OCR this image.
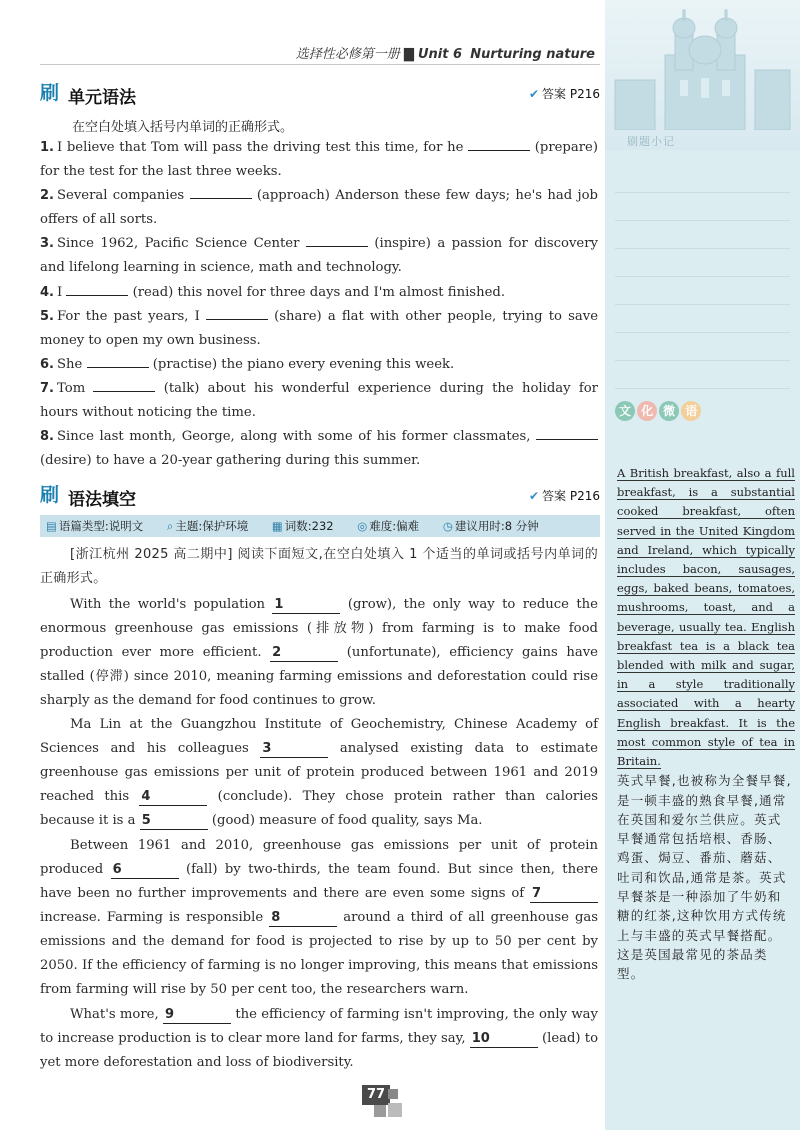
刷题小记
文 化 微 语
A British breakfast, also a full breakfast, is a substantial cooked breakfast, often served in the United Kingdom and Ireland, which typically includes bacon, sausages, eggs, baked beans, tomatoes, mushrooms, toast, and a beverage, usually tea. English breakfast tea is a black tea blended with milk and sugar, in a style traditionally associated with a hearty English breakfast. It is the most common style of tea in Britain.
英式早餐,也被称为全餐早餐,是一顿丰盛的熟食早餐,通常在英国和爱尔兰供应。英式早餐通常包括培根、香肠、鸡蛋、焗豆、番茄、蘑菇、吐司和饮品,通常是茶。英式早餐茶是一种添加了牛奶和糖的红茶,这种饮用方式传统上与丰盛的英式早餐搭配。这是英国最常见的茶品类型。
选择性必修第一册 ▇ Unit 6 Nurturing nature
刷 单元语法	✔ 答案 P216
在空白处填入括号内单词的正确形式。
1. I believe that Tom will pass the driving test this time, for he	(prepare) for the test for the last three weeks.
2. Several companies	(approach) Anderson these few days; he's had job offers of all sorts.
3. Since 1962, Pacific Science Center	(inspire) a passion for discovery and lifelong learning in science, math and technology.
4. I	(read) this novel for three days and I'm almost finished.
5. For the past years, I	(share) a flat with other people, trying to save money to open my own business.
6. She	(practise) the piano every evening this week.
7. Tom	(talk) about his wonderful experience during the holiday for hours without noticing the time.
8. Since last month, George, along with some of his former classmates,  (desire) to have a 20-year gathering during this summer.
刷 语法填空	✔ 答案 P216
▤ 语篇类型:说明文 ⌕ 主题:保护环境 ▦ 词数:232 ◎ 难度:偏难 ◷ 建议用时:8 分钟
[浙江杭州 2025 高二期中] 阅读下面短文,在空白处填入 1 个适当的单词或括号内单词的正确形式。
With the world's population 1	(grow), the only way to reduce the enormous greenhouse gas emissions (排放物) from farming is to make food production ever more efficient. 2	(unfortunate), efficiency gains have stalled (停滞) since 2010, meaning farming emissions and deforestation could rise sharply as the demand for food continues to grow.
Ma Lin at the Guangzhou Institute of Geochemistry, Chinese Academy of Sciences and his colleagues 3	analysed existing data to estimate greenhouse gas emissions per unit of protein produced between 1961 and 2019 reached this 4	(conclude). They chose protein rather than calories because it is a 5	(good) measure of food quality, says Ma.
Between 1961 and 2010, greenhouse gas emissions per unit of protein produced 6	(fall) by two-thirds, the team found. But since then, there have been no further improvements and there are even some signs of 7 increase. Farming is responsible 8	around a third of all greenhouse gas emissions and the demand for food is projected to rise by up to 50 per cent by 2050. If the efficiency of farming is no longer improving, this means that emissions from farming will rise by 50 per cent too, the researchers warn.
What's more, 9	the efficiency of farming isn't improving, the only way to increase production is to clear more land for farms, they say, 10	(lead) to yet more deforestation and loss of biodiversity.
77
